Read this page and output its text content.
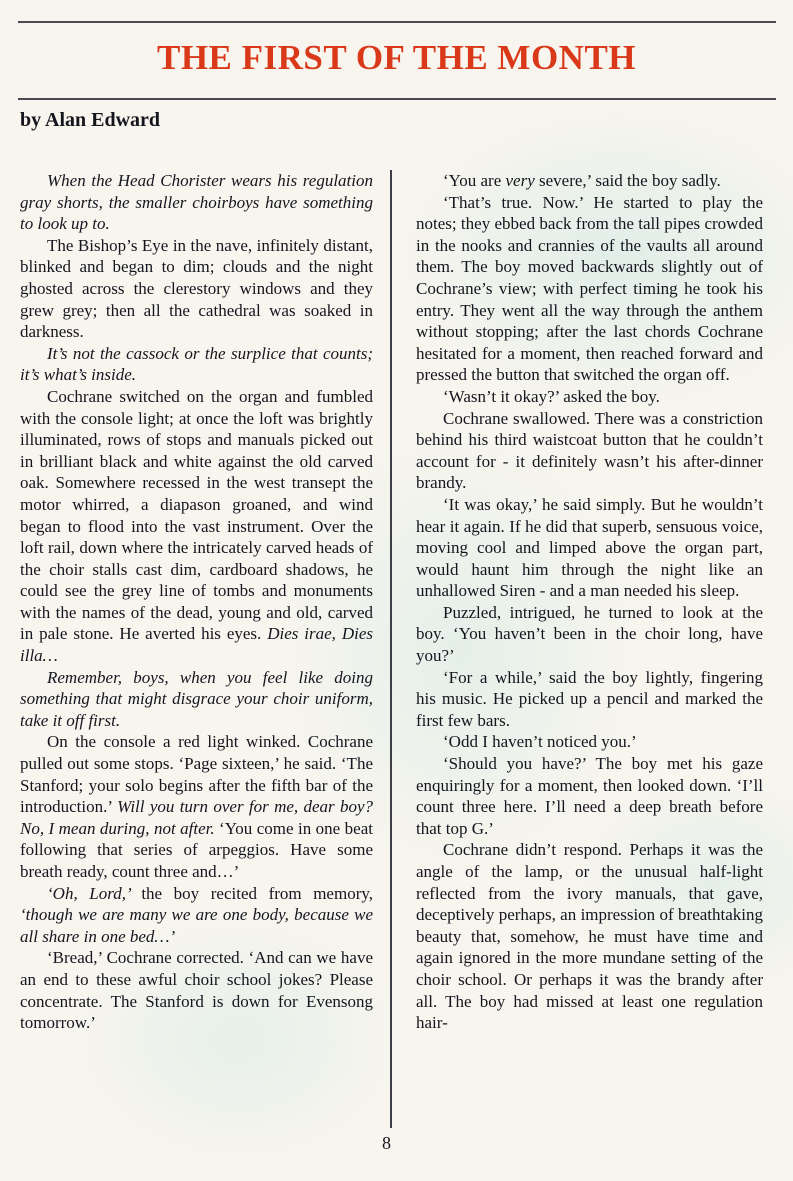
THE FIRST OF THE MONTH
by Alan Edward

When the Head Chorister wears his regulation gray shorts, the smaller choirboys have something to look up to.

The Bishop’s Eye in the nave, infinitely distant, blinked and began to dim; clouds and the night ghosted across the clerestory windows and they grew grey; then all the cathedral was soaked in darkness.

It’s not the cassock or the surplice that counts; it’s what’s inside.

Cochrane switched on the organ and fumbled with the console light; at once the loft was brightly illuminated, rows of stops and manuals picked out in brilliant black and white against the old carved oak. Somewhere recessed in the west transept the motor whirred, a diapason groaned, and wind began to flood into the vast instrument. Over the loft rail, down where the intricately carved heads of the choir stalls cast dim, cardboard shadows, he could see the grey line of tombs and monuments with the names of the dead, young and old, carved in pale stone. He averted his eyes. Dies irae, Dies illa…

Remember, boys, when you feel like doing something that might disgrace your choir uniform, take it off first.

On the console a red light winked. Cochrane pulled out some stops. ‘Page sixteen,’ he said. ‘The Stanford; your solo begins after the fifth bar of the introduction.’ Will you turn over for me, dear boy? No, I mean during, not after. ‘You come in one beat following that series of arpeggios. Have some breath ready, count three and…’

‘Oh, Lord,’ the boy recited from memory, ‘though we are many we are one body, because we all share in one bed…’

‘Bread,’ Cochrane corrected. ‘And can we have an end to these awful choir school jokes? Please concentrate. The Stanford is down for Evensong tomorrow.’

‘You are very severe,’ said the boy sadly.

‘That’s true. Now.’ He started to play the notes; they ebbed back from the tall pipes crowded in the nooks and crannies of the vaults all around them. The boy moved backwards slightly out of Cochrane’s view; with perfect timing he took his entry. They went all the way through the anthem without stopping; after the last chords Cochrane hesitated for a moment, then reached forward and pressed the button that switched the organ off.

‘Wasn’t it okay?’ asked the boy.

Cochrane swallowed. There was a constriction behind his third waistcoat button that he couldn’t account for - it definitely wasn’t his after-dinner brandy.

‘It was okay,’ he said simply. But he wouldn’t hear it again. If he did that superb, sensuous voice, moving cool and limped above the organ part, would haunt him through the night like an unhallowed Siren - and a man needed his sleep.

Puzzled, intrigued, he turned to look at the boy. ‘You haven’t been in the choir long, have you?’

‘For a while,’ said the boy lightly, fingering his music. He picked up a pencil and marked the first few bars.

‘Odd I haven’t noticed you.’

‘Should you have?’ The boy met his gaze enquiringly for a moment, then looked down. ‘I’ll count three here. I’ll need a deep breath before that top G.’

Cochrane didn’t respond. Perhaps it was the angle of the lamp, or the unusual half-light reflected from the ivory manuals, that gave, deceptively perhaps, an impression of breathtaking beauty that, somehow, he must have time and again ignored in the more mundane setting of the choir school. Or perhaps it was the brandy after all. The boy had missed at least one regulation hair-

8
